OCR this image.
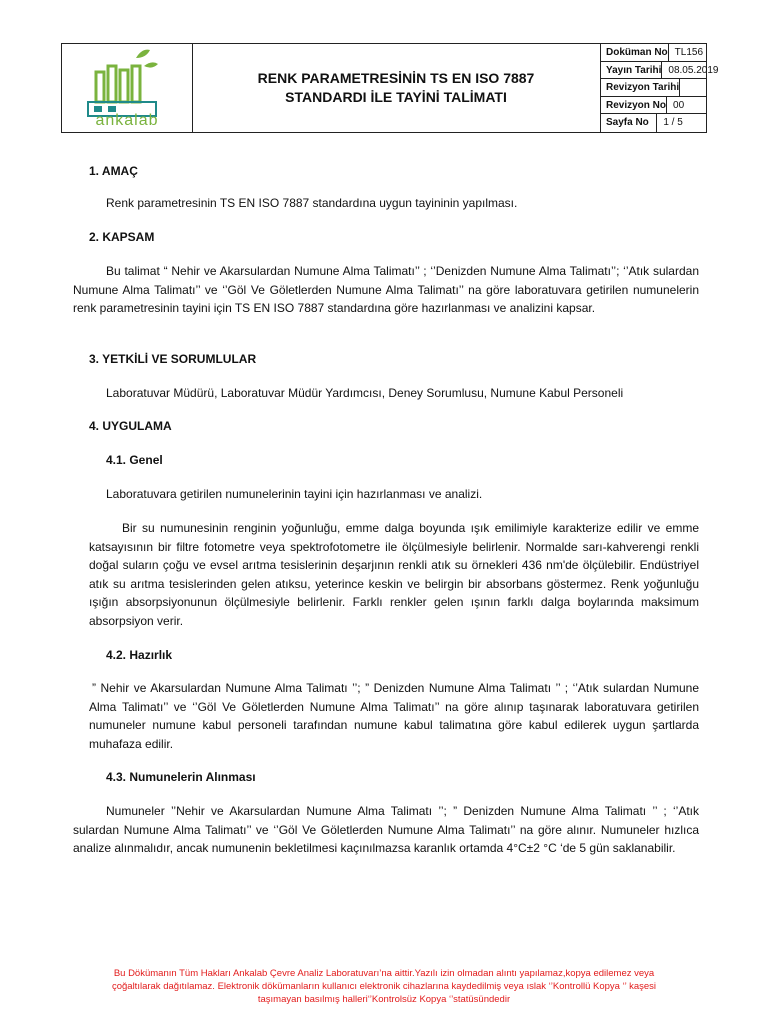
ankalab
RENK PARAMETRESİNİN TS EN ISO 7887
STANDARDI İLE TAYİNİ TALİMATI
Doküman No TL156
Yayın Tarihi 08.05.2019
Revizyon Tarihi
Revizyon No 00
Sayfa No	1 / 5
1. AMAÇ
Renk parametresinin TS EN ISO 7887 standardına uygun tayininin yapılması.
2. KAPSAM
Bu talimat “ Nehir ve Akarsulardan Numune Alma Talimatı’’ ; ‘’Denizden Numune Alma Talimatı’’; ‘’Atık sulardan Numune Alma Talimatı’’ ve ‘’Göl Ve Göletlerden Numune Alma Talimatı’’ na göre laboratuvara getirilen numunelerin renk parametresinin tayini için TS EN ISO 7887 standardına göre hazırlanması ve analizini kapsar.
3. YETKİLİ VE SORUMLULAR
Laboratuvar Müdürü, Laboratuvar Müdür Yardımcısı, Deney Sorumlusu, Numune Kabul Personeli
4. UYGULAMA
4.1. Genel
Laboratuvara getirilen numunelerinin tayini için hazırlanması ve analizi.
Bir su numunesinin renginin yoğunluğu, emme dalga boyunda ışık emilimiyle karakterize edilir ve emme katsayısının bir filtre fotometre veya spektrofotometre ile ölçülmesiyle belirlenir. Normalde sarı-kahverengi renkli doğal suların çoğu ve evsel arıtma tesislerinin deşarjının renkli atık su örnekleri 436 nm'de ölçülebilir. Endüstriyel atık su arıtma tesislerinden gelen atıksu, yeterince keskin ve belirgin bir absorbans göstermez. Renk yoğunluğu ışığın absorpsiyonunun ölçülmesiyle belirlenir. Farklı renkler gelen ışının farklı dalga boylarında maksimum absorpsiyon verir.
4.2. Hazırlık
” Nehir ve Akarsulardan Numune Alma Talimatı ’’; ” Denizden Numune Alma Talimatı ’’ ; ‘’Atık sulardan Numune Alma Talimatı’’ ve ‘’Göl Ve Göletlerden Numune Alma Talimatı’’ na göre alınıp taşınarak laboratuvara getirilen numuneler numune kabul personeli tarafından numune kabul talimatına göre kabul edilerek uygun şartlarda muhafaza edilir.
4.3. Numunelerin Alınması
Numuneler ’’Nehir ve Akarsulardan Numune Alma Talimatı ’’; ” Denizden Numune Alma Talimatı ’’ ; ‘’Atık sulardan Numune Alma Talimatı’’ ve ‘’Göl Ve Göletlerden Numune Alma Talimatı’’ na göre alınır. Numuneler hızlıca analize alınmalıdır, ancak numunenin bekletilmesi kaçınılmazsa karanlık ortamda 4°C±2 °C ‘de 5 gün saklanabilir.
Bu Dökümanın Tüm Hakları Ankalab Çevre Analiz Laboratuvarı’na aittir.Yazılı izin olmadan alıntı yapılamaz,kopya edilemez veya
çoğaltılarak dağıtılamaz. Elektronik dökümanların kullanıcı elektronik cihazlarına kaydedilmiş veya ıslak ‘’Kontrollü Kopya ‘’ kaşesi
taşımayan basılmış halleri‘’Kontrolsüz Kopya ‘’statüsündedir
